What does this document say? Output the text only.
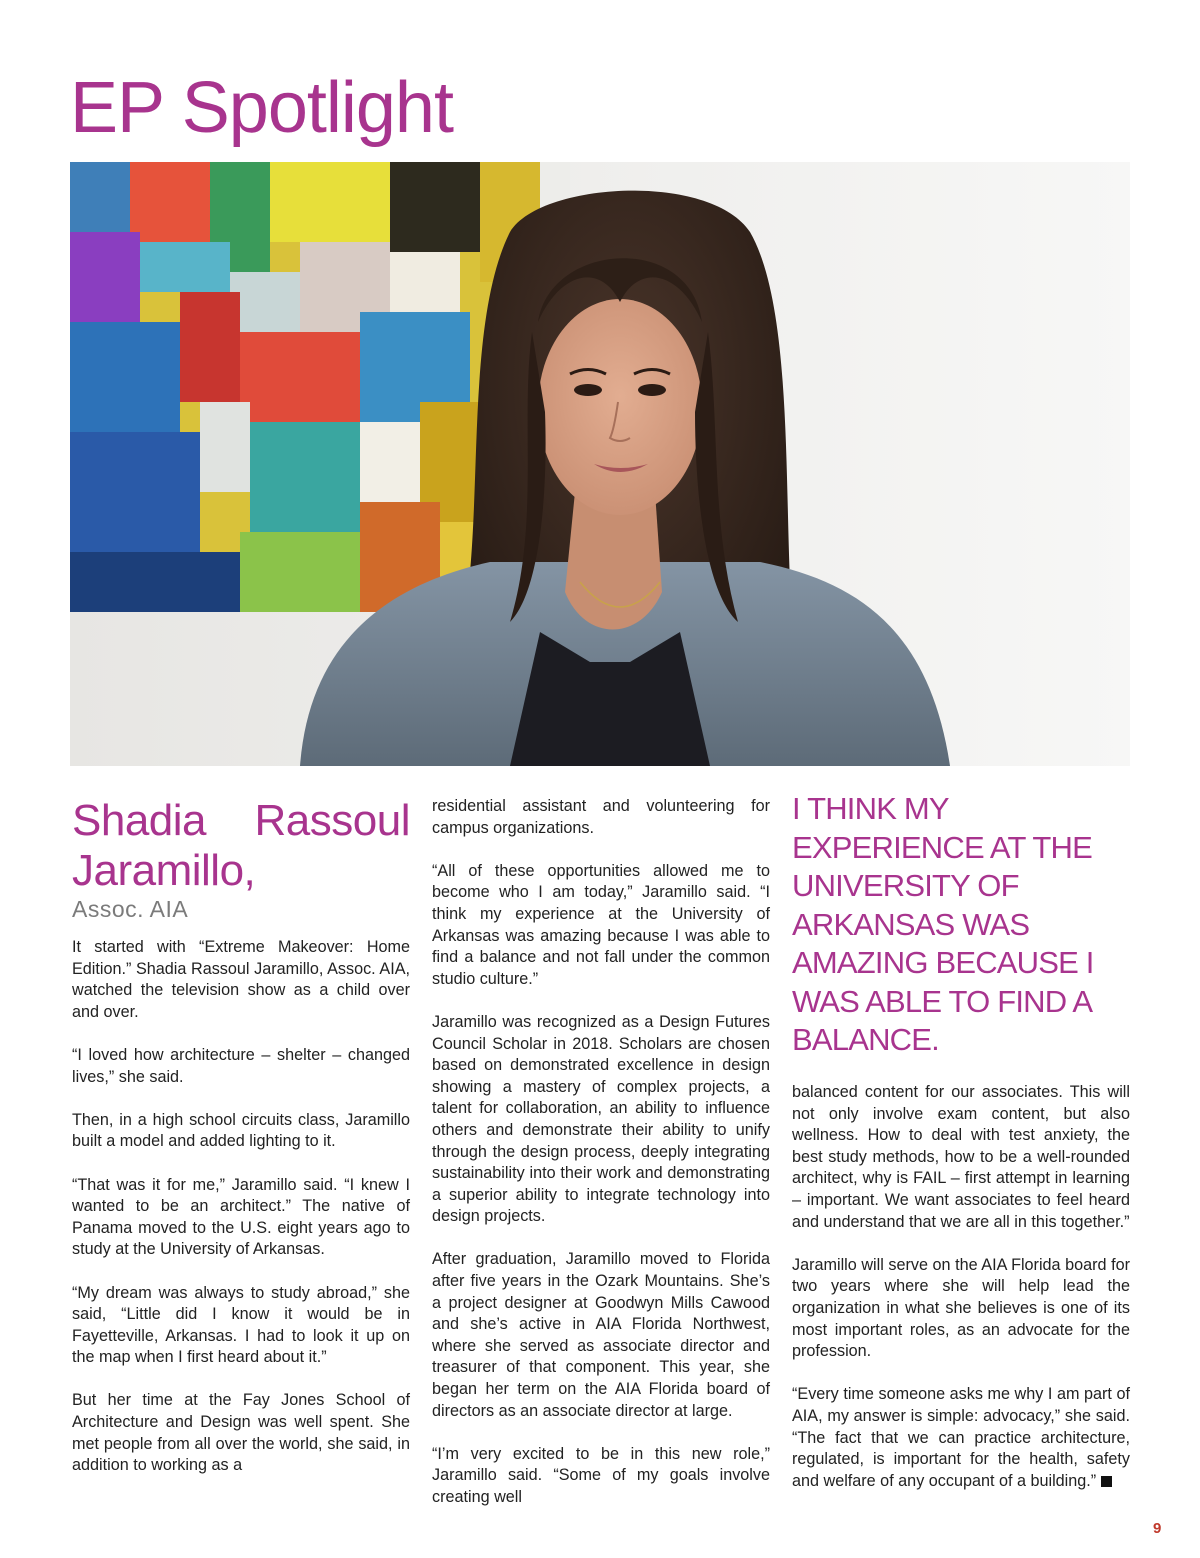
EP Spotlight
Shadia Rassoul Jaramillo,
Assoc. AIA

It started with “Extreme Makeover: Home Edition.” Shadia Rassoul Jaramillo, Assoc. AIA, watched the television show as a child over and over.

“I loved how architecture – shelter – changed lives,” she said.

Then, in a high school circuits class, Jaramillo built a model and added lighting to it.

“That was it for me,” Jaramillo said. “I knew I wanted to be an architect.” The native of Panama moved to the U.S. eight years ago to study at the University of Arkansas.

“My dream was always to study abroad,” she said, “Little did I know it would be in Fayetteville, Arkansas. I had to look it up on the map when I first heard about it.”

But her time at the Fay Jones School of Architecture and Design was well spent. She met people from all over the world, she said, in addition to working as a

residential assistant and volunteering for campus organizations.

“All of these opportunities allowed me to become who I am today,” Jaramillo said. “I think my experience at the University of Arkansas was amazing because I was able to find a balance and not fall under the common studio culture.”

Jaramillo was recognized as a Design Futures Council Scholar in 2018. Scholars are chosen based on demonstrated excellence in design showing a mastery of complex projects, a talent for collaboration, an ability to influence others and demonstrate their ability to unify through the design process, deeply integrating sustainability into their work and demonstrating a superior ability to integrate technology into design projects.

After graduation, Jaramillo moved to Florida after five years in the Ozark Mountains. She’s a project designer at Goodwyn Mills Cawood and she’s active in AIA Florida Northwest, where she served as associate director and treasurer of that component. This year, she began her term on the AIA Florida board of directors as an associate director at large.

“I’m very excited to be in this new role,” Jaramillo said. “Some of my goals involve creating well

I THINK MY EXPERIENCE AT THE UNIVERSITY OF ARKANSAS WAS AMAZING BECAUSE I WAS ABLE TO FIND A BALANCE.

balanced content for our associates. This will not only involve exam content, but also wellness. How to deal with test anxiety, the best study methods, how to be a well-rounded architect, why is FAIL – first attempt in learning – important. We want associates to feel heard and understand that we are all in this together.”

Jaramillo will serve on the AIA Florida board for two years where she will help lead the organization in what she believes is one of its most important roles, as an advocate for the profession.

“Every time someone asks me why I am part of AIA, my answer is simple: advocacy,” she said. “The fact that we can practice architecture, regulated, is important for the health, safety and welfare of any occupant of a building.”

9
